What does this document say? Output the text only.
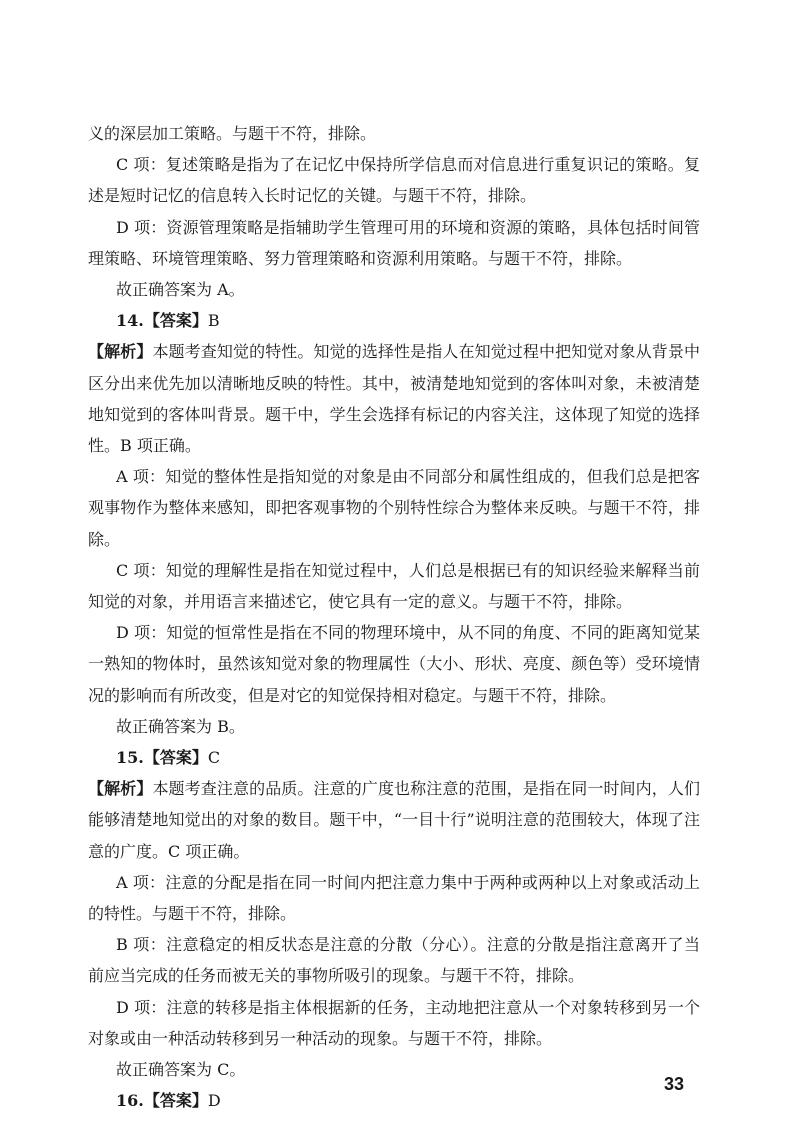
义的深层加工策略。与题干不符，排除。

C 项：复述策略是指为了在记忆中保持所学信息而对信息进行重复识记的策略。复述是短时记忆的信息转入长时记忆的关键。与题干不符，排除。

D 项：资源管理策略是指辅助学生管理可用的环境和资源的策略，具体包括时间管理策略、环境管理策略、努力管理策略和资源利用策略。与题干不符，排除。

故正确答案为 A。

14.【答案】B

【解析】本题考查知觉的特性。知觉的选择性是指人在知觉过程中把知觉对象从背景中区分出来优先加以清晰地反映的特性。其中，被清楚地知觉到的客体叫对象，未被清楚地知觉到的客体叫背景。题干中，学生会选择有标记的内容关注，这体现了知觉的选择性。B 项正确。

A 项：知觉的整体性是指知觉的对象是由不同部分和属性组成的，但我们总是把客观事物作为整体来感知，即把客观事物的个别特性综合为整体来反映。与题干不符，排除。

C 项：知觉的理解性是指在知觉过程中，人们总是根据已有的知识经验来解释当前知觉的对象，并用语言来描述它，使它具有一定的意义。与题干不符，排除。

D 项：知觉的恒常性是指在不同的物理环境中，从不同的角度、不同的距离知觉某一熟知的物体时，虽然该知觉对象的物理属性（大小、形状、亮度、颜色等）受环境情况的影响而有所改变，但是对它的知觉保持相对稳定。与题干不符，排除。

故正确答案为 B。

15.【答案】C

【解析】本题考查注意的品质。注意的广度也称注意的范围，是指在同一时间内，人们能够清楚地知觉出的对象的数目。题干中，“一目十行”说明注意的范围较大，体现了注意的广度。C 项正确。

A 项：注意的分配是指在同一时间内把注意力集中于两种或两种以上对象或活动上的特性。与题干不符，排除。

B 项：注意稳定的相反状态是注意的分散（分心）。注意的分散是指注意离开了当前应当完成的任务而被无关的事物所吸引的现象。与题干不符，排除。

D 项：注意的转移是指主体根据新的任务，主动地把注意从一个对象转移到另一个对象或由一种活动转移到另一种活动的现象。与题干不符，排除。

故正确答案为 C。

16.【答案】D

33
